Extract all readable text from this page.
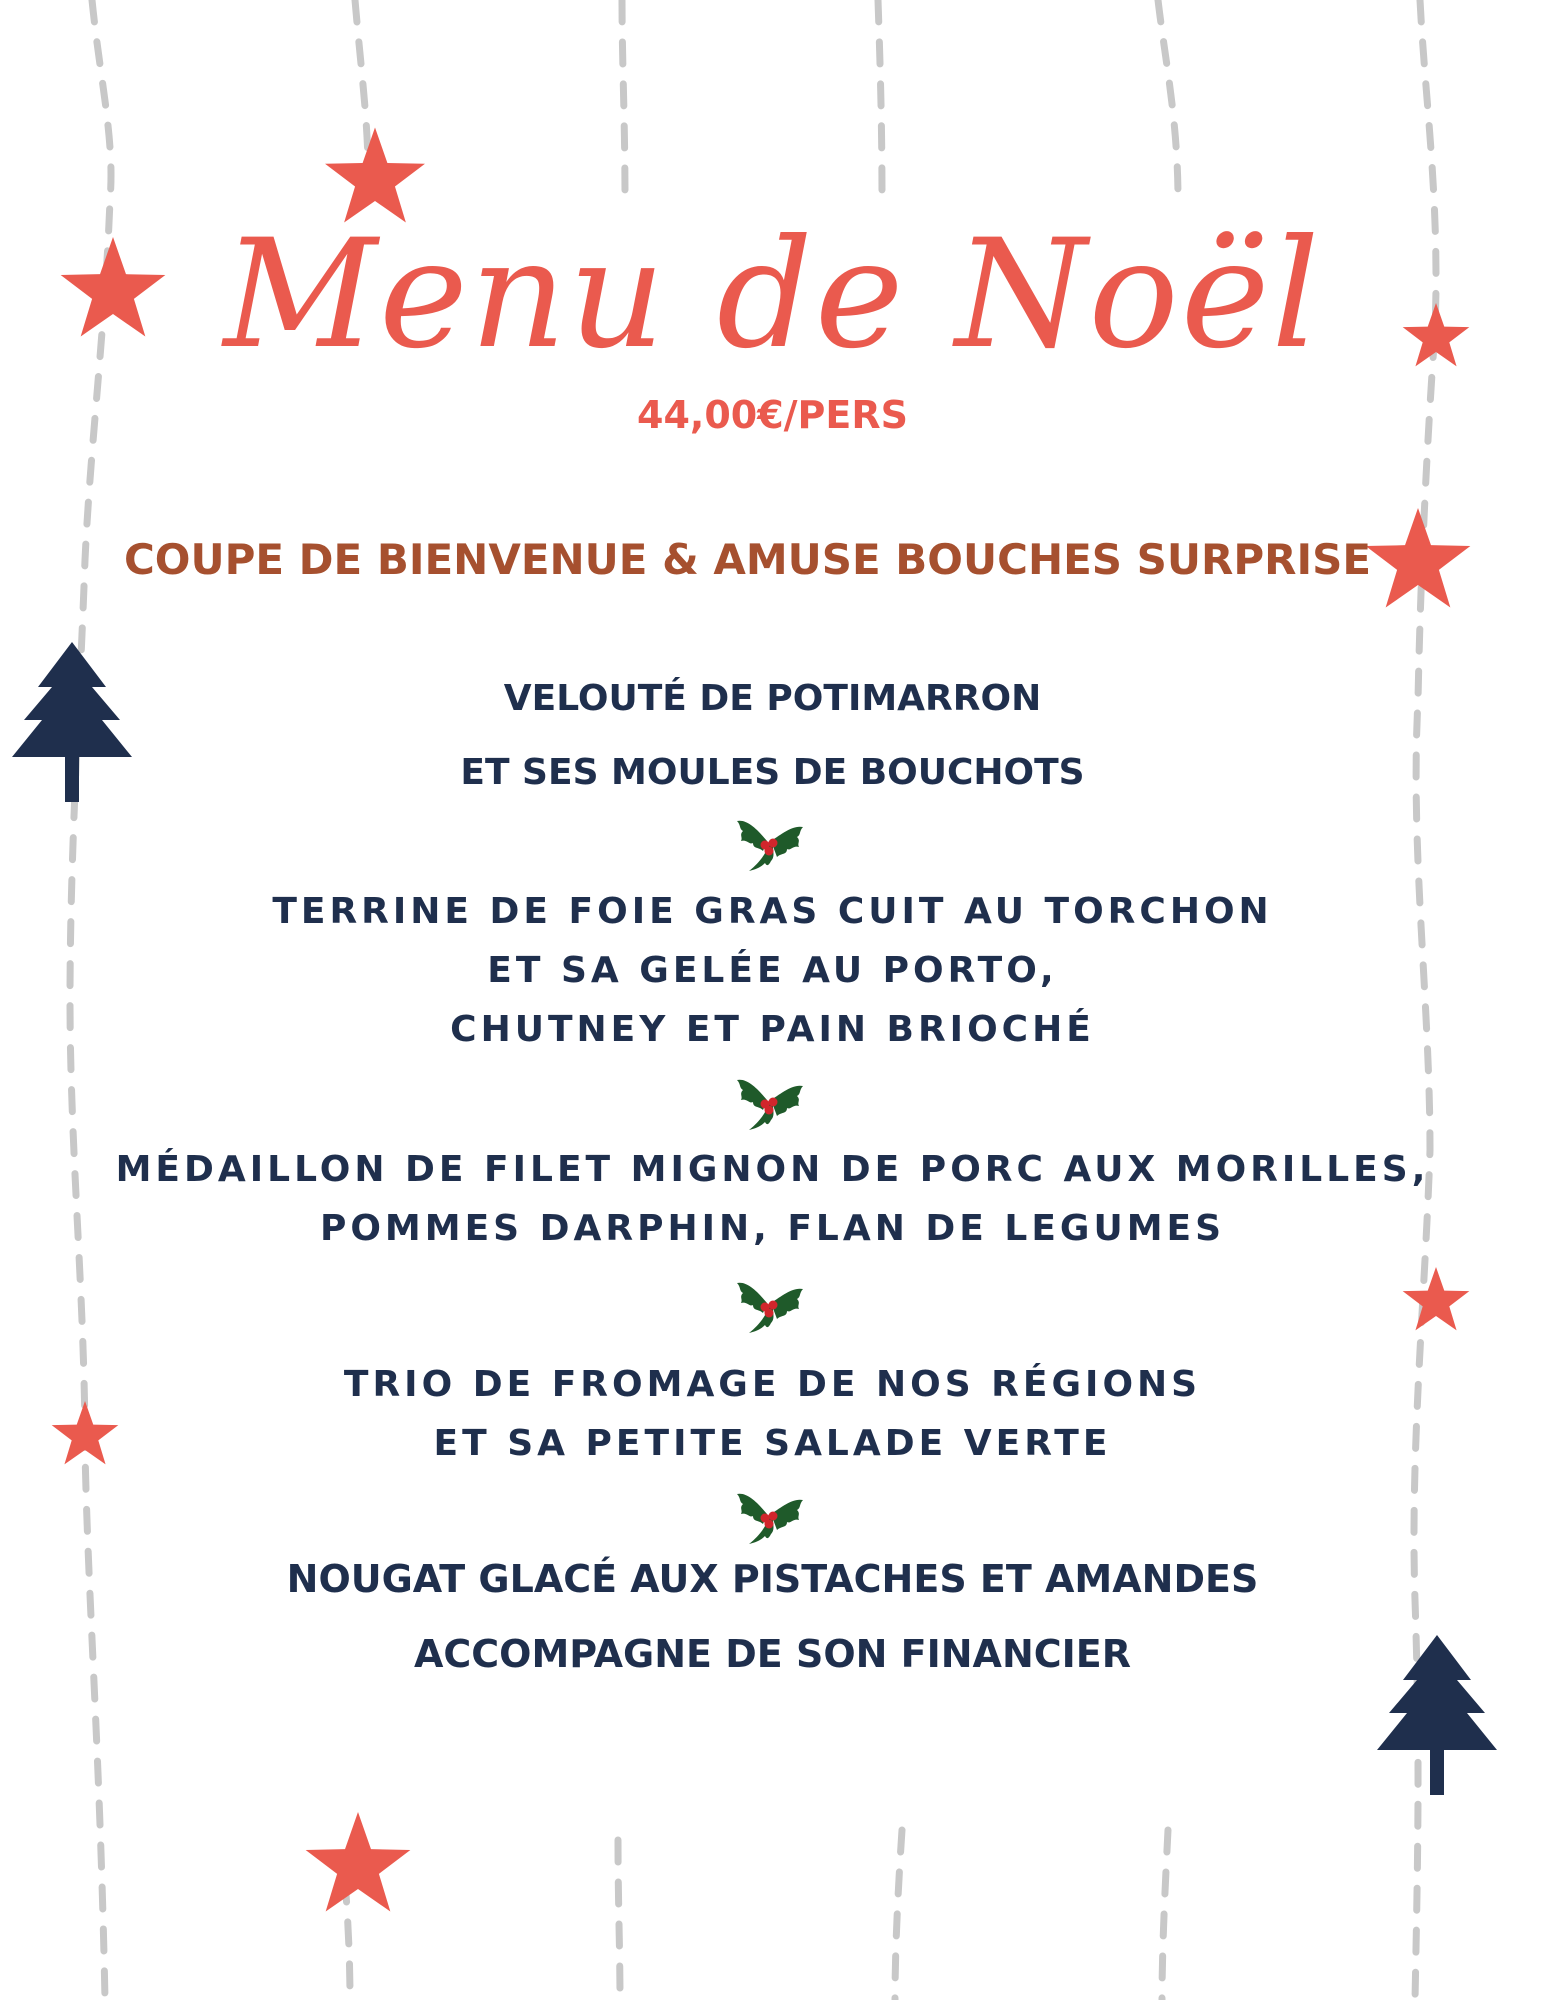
Menu de Noël
44,00€/PERS
COUPE DE BIENVENUE & AMUSE BOUCHES SURPRISE
VELOUTÉ DE POTIMARRON
ET SES MOULES DE BOUCHOTS
TERRINE DE FOIE GRAS CUIT AU TORCHON
ET SA GELÉE AU PORTO,
CHUTNEY ET PAIN BRIOCHÉ
MÉDAILLON DE FILET MIGNON DE PORC AUX MORILLES,
POMMES DARPHIN, FLAN DE LEGUMES
TRIO DE FROMAGE DE NOS RÉGIONS
ET SA PETITE SALADE VERTE
NOUGAT GLACÉ AUX PISTACHES ET AMANDES
ACCOMPAGNE DE SON FINANCIER
